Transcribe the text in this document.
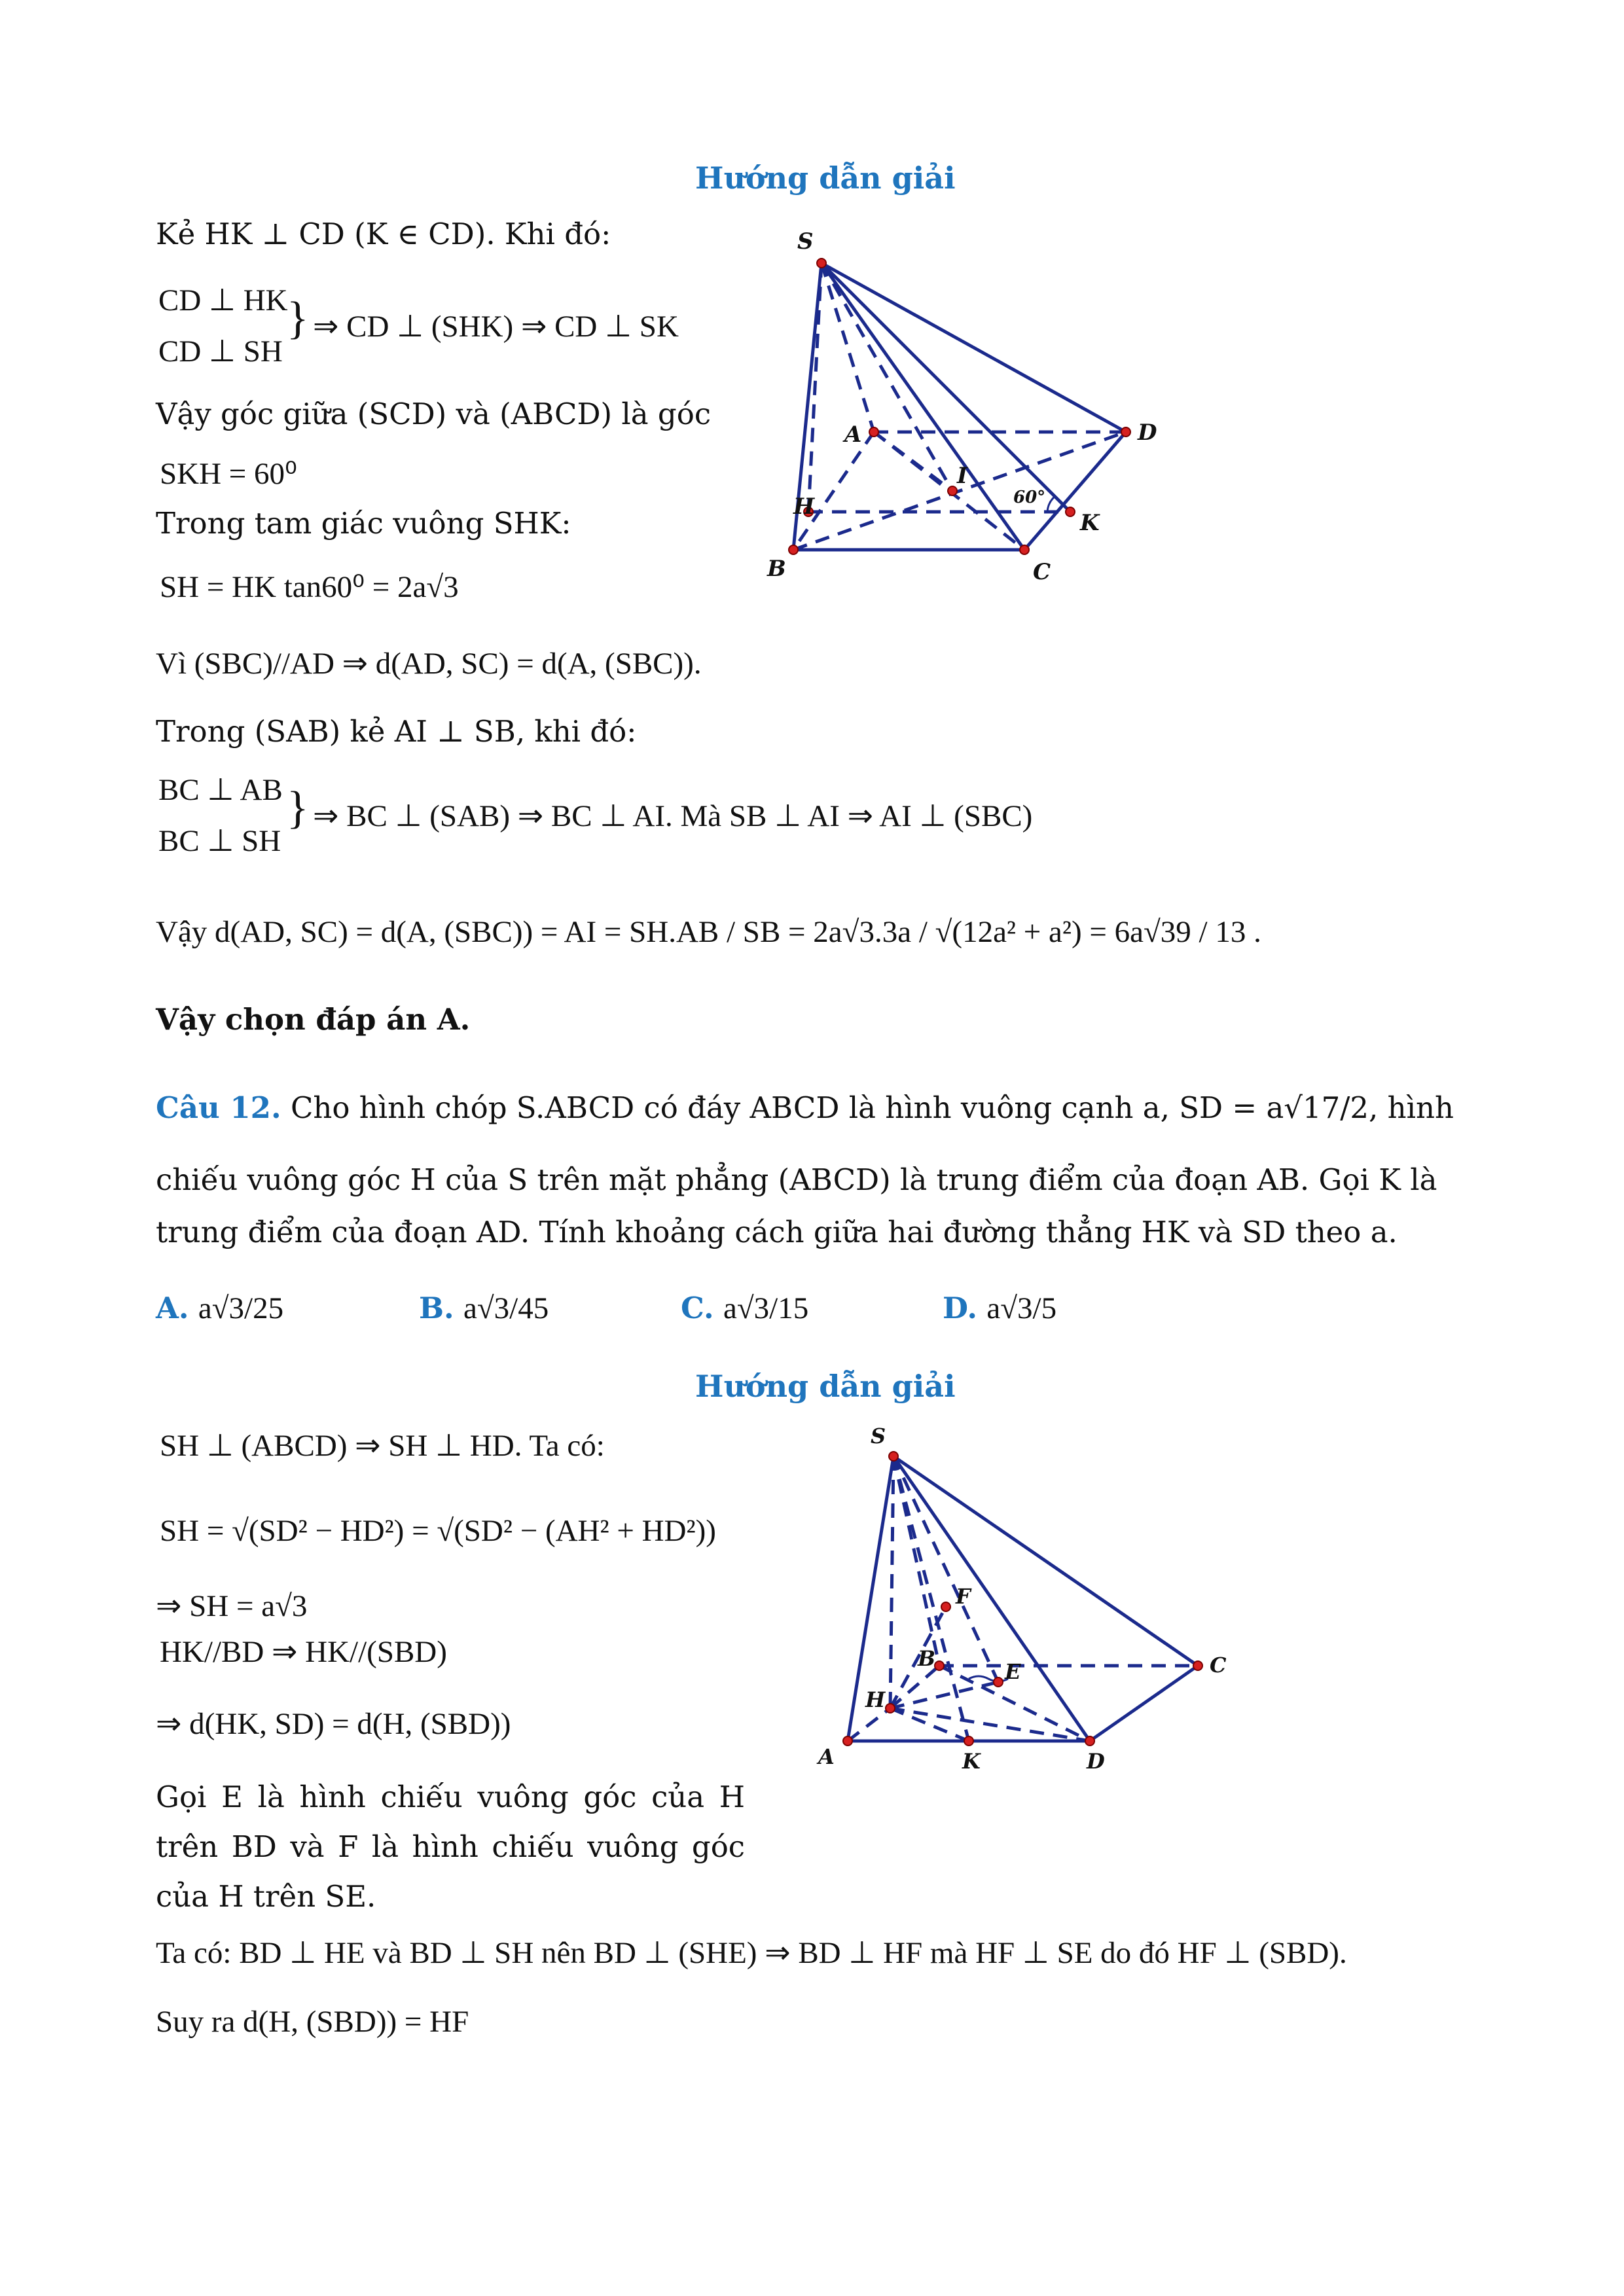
Hướng dẫn giải
Kẻ HK ⊥ CD (K ∈ CD). Khi đó:
CD ⊥ HK
CD ⊥ SH
} ⇒ CD ⊥ (SHK) ⇒ CD ⊥ SK
Vậy góc giữa (SCD) và (ABCD) là góc
SKH = 60⁰
Trong tam giác vuông SHK:
SH = HK tan60⁰ = 2a√3
Vì (SBC)//AD ⇒ d(AD, SC) = d(A, (SBC)).
Trong (SAB) kẻ AI ⊥ SB, khi đó:
BC ⊥ AB
BC ⊥ SH
} ⇒ BC ⊥ (SAB) ⇒ BC ⊥ AI. Mà SB ⊥ AI ⇒ AI ⊥ (SBC)
Vậy d(AD, SC) = d(A, (SBC)) = AI = SH.AB / SB = 2a√3.3a / √(12a² + a²) = 6a√39 / 13 .
Vậy chọn đáp án A.
S
A	D
I
H
K
B	C
60°
Câu 12. Cho hình chóp S.ABCD có đáy ABCD là hình vuông cạnh a, SD = a√17/2, hình
chiếu vuông góc H của S trên mặt phẳng (ABCD) là trung điểm của đoạn AB. Gọi K là
trung điểm của đoạn AD. Tính khoảng cách giữa hai đường thẳng HK và SD theo a.
A. a√3/25	B. a√3/45	C. a√3/15	D. a√3/5
Hướng dẫn giải
SH ⊥ (ABCD) ⇒ SH ⊥ HD. Ta có:
SH = √(SD² − HD²) = √(SD² − (AH² + HD²))
⇒ SH = a√3
HK//BD ⇒ HK//(SBD)
⇒ d(HK, SD) = d(H, (SBD))
Gọi E là hình chiếu vuông góc của H trên BD và F là hình chiếu vuông góc của H trên SE.
Ta có: BD ⊥ HE và BD ⊥ SH nên BD ⊥ (SHE) ⇒ BD ⊥ HF mà HF ⊥ SE do đó HF ⊥ (SBD).
Suy ra d(H, (SBD)) = HF
S
F
B
E	C
H
A	K	D
